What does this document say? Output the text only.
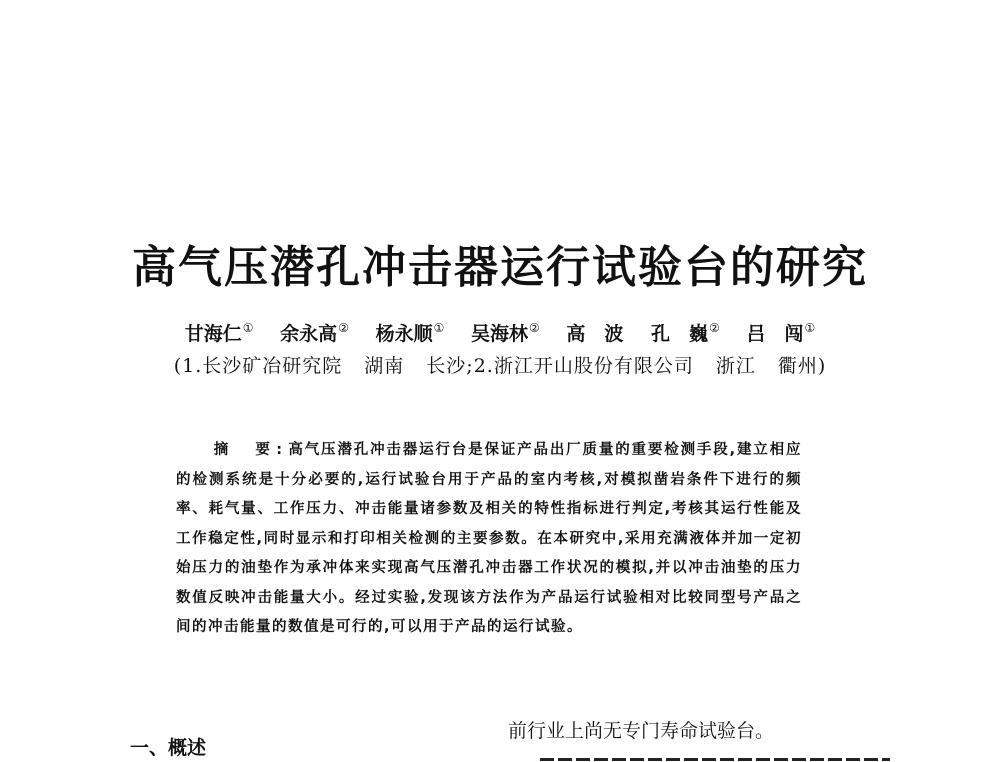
高气压潜孔冲击器运行试验台的研究
甘海仁① 余永高② 杨永顺① 吴海林② 高　波 孔　巍② 吕　闯①
(1.长沙矿冶研究院 湖南 长沙;2.浙江开山股份有限公司 浙江 衢州)
摘　要:高气压潜孔冲击器运行台是保证产品出厂质量的重要检测手段,建立相应的检测系统是十分必要的,运行试验台用于产品的室内考核,对模拟凿岩条件下进行的频率、耗气量、工作压力、冲击能量诸参数及相关的特性指标进行判定,考核其运行性能及工作稳定性,同时显示和打印相关检测的主要参数。在本研究中,采用充满液体并加一定初始压力的油垫作为承冲体来实现高气压潜孔冲击器工作状况的模拟,并以冲击油垫的压力数值反映冲击能量大小。经过实验,发现该方法作为产品运行试验相对比较同型号产品之间的冲击能量的数值是可行的,可以用于产品的运行试验。
一、概述
前行业上尚无专门寿命试验台。
